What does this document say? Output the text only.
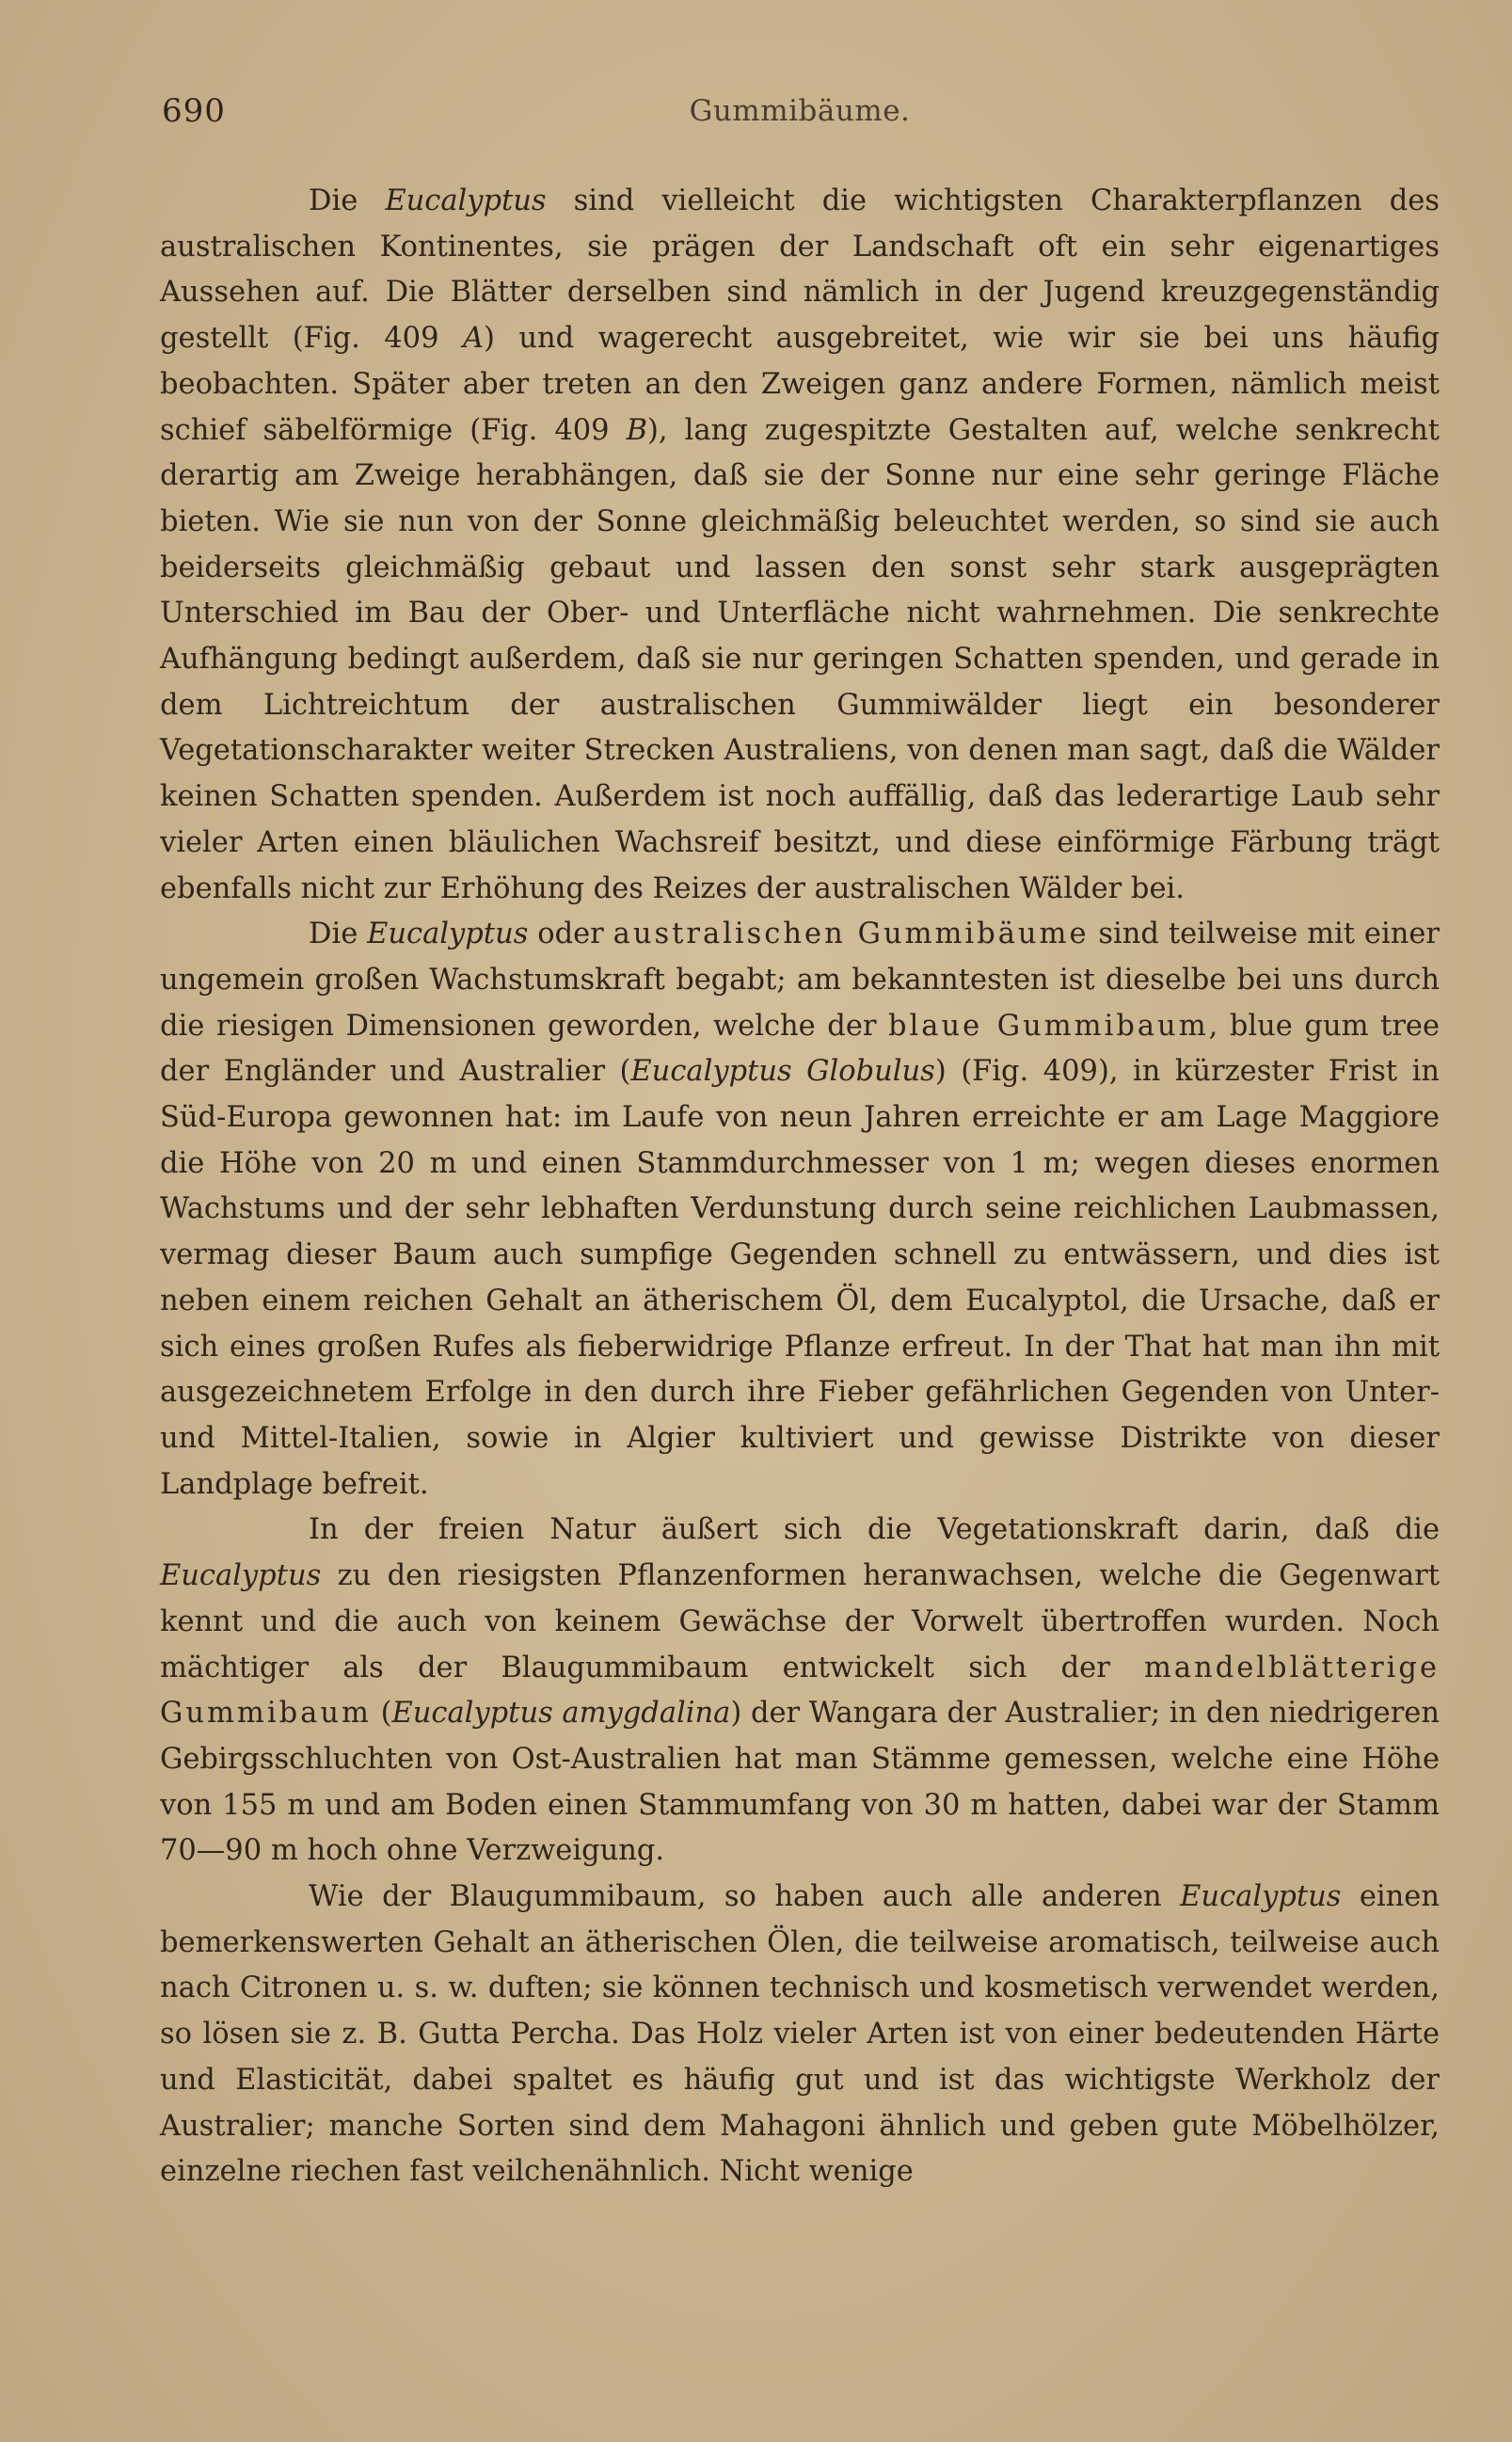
690	Gummibäume.

Die Eucalyptus sind vielleicht die wichtigsten Charakterpflanzen des australischen Kontinentes, sie prägen der Landschaft oft ein sehr eigenartiges Aussehen auf. Die Blätter derselben sind nämlich in der Jugend kreuzgegenständig gestellt (Fig. 409 A) und wagerecht ausgebreitet, wie wir sie bei uns häufig beobachten. Später aber treten an den Zweigen ganz andere Formen, nämlich meist schief säbelförmige (Fig. 409 B), lang zugespitzte Gestalten auf, welche senkrecht derartig am Zweige herabhängen, daß sie der Sonne nur eine sehr geringe Fläche bieten. Wie sie nun von der Sonne gleichmäßig beleuchtet werden, so sind sie auch beiderseits gleichmäßig gebaut und lassen den sonst sehr stark ausgeprägten Unterschied im Bau der Ober- und Unterfläche nicht wahrnehmen. Die senkrechte Aufhängung bedingt außerdem, daß sie nur geringen Schatten spenden, und gerade in dem Lichtreichtum der australischen Gummiwälder liegt ein besonderer Vegetationscharakter weiter Strecken Australiens, von denen man sagt, daß die Wälder keinen Schatten spenden. Außerdem ist noch auffällig, daß das lederartige Laub sehr vieler Arten einen bläulichen Wachsreif besitzt, und diese einförmige Färbung trägt ebenfalls nicht zur Erhöhung des Reizes der australischen Wälder bei.

Die Eucalyptus oder australischen Gummibäume sind teilweise mit einer ungemein großen Wachstumskraft begabt; am bekanntesten ist dieselbe bei uns durch die riesigen Dimensionen geworden, welche der blaue Gummibaum, blue gum tree der Engländer und Australier (Eucalyptus Globulus) (Fig. 409), in kürzester Frist in Süd-Europa gewonnen hat: im Laufe von neun Jahren erreichte er am Lage Maggiore die Höhe von 20 m und einen Stammdurchmesser von 1 m; wegen dieses enormen Wachstums und der sehr lebhaften Verdunstung durch seine reichlichen Laubmassen, vermag dieser Baum auch sumpfige Gegenden schnell zu entwässern, und dies ist neben einem reichen Gehalt an ätherischem Öl, dem Eucalyptol, die Ursache, daß er sich eines großen Rufes als fieberwidrige Pflanze erfreut. In der That hat man ihn mit ausgezeichnetem Erfolge in den durch ihre Fieber gefährlichen Gegenden von Unter- und Mittel-Italien, sowie in Algier kultiviert und gewisse Distrikte von dieser Landplage befreit.

In der freien Natur äußert sich die Vegetationskraft darin, daß die Eucalyptus zu den riesigsten Pflanzenformen heranwachsen, welche die Gegenwart kennt und die auch von keinem Gewächse der Vorwelt übertroffen wurden. Noch mächtiger als der Blaugummibaum entwickelt sich der mandelblätterige Gummibaum (Eucalyptus amygdalina) der Wangara der Australier; in den niedrigeren Gebirgsschluchten von Ost-Australien hat man Stämme gemessen, welche eine Höhe von 155 m und am Boden einen Stammumfang von 30 m hatten, dabei war der Stamm 70—90 m hoch ohne Verzweigung.

Wie der Blaugummibaum, so haben auch alle anderen Eucalyptus einen bemerkenswerten Gehalt an ätherischen Ölen, die teilweise aromatisch, teilweise auch nach Citronen u. s. w. duften; sie können technisch und kosmetisch verwendet werden, so lösen sie z. B. Gutta Percha. Das Holz vieler Arten ist von einer bedeutenden Härte und Elasticität, dabei spaltet es häufig gut und ist das wichtigste Werkholz der Australier; manche Sorten sind dem Mahagoni ähnlich und geben gute Möbelhölzer, einzelne riechen fast veilchenähnlich. Nicht wenige
